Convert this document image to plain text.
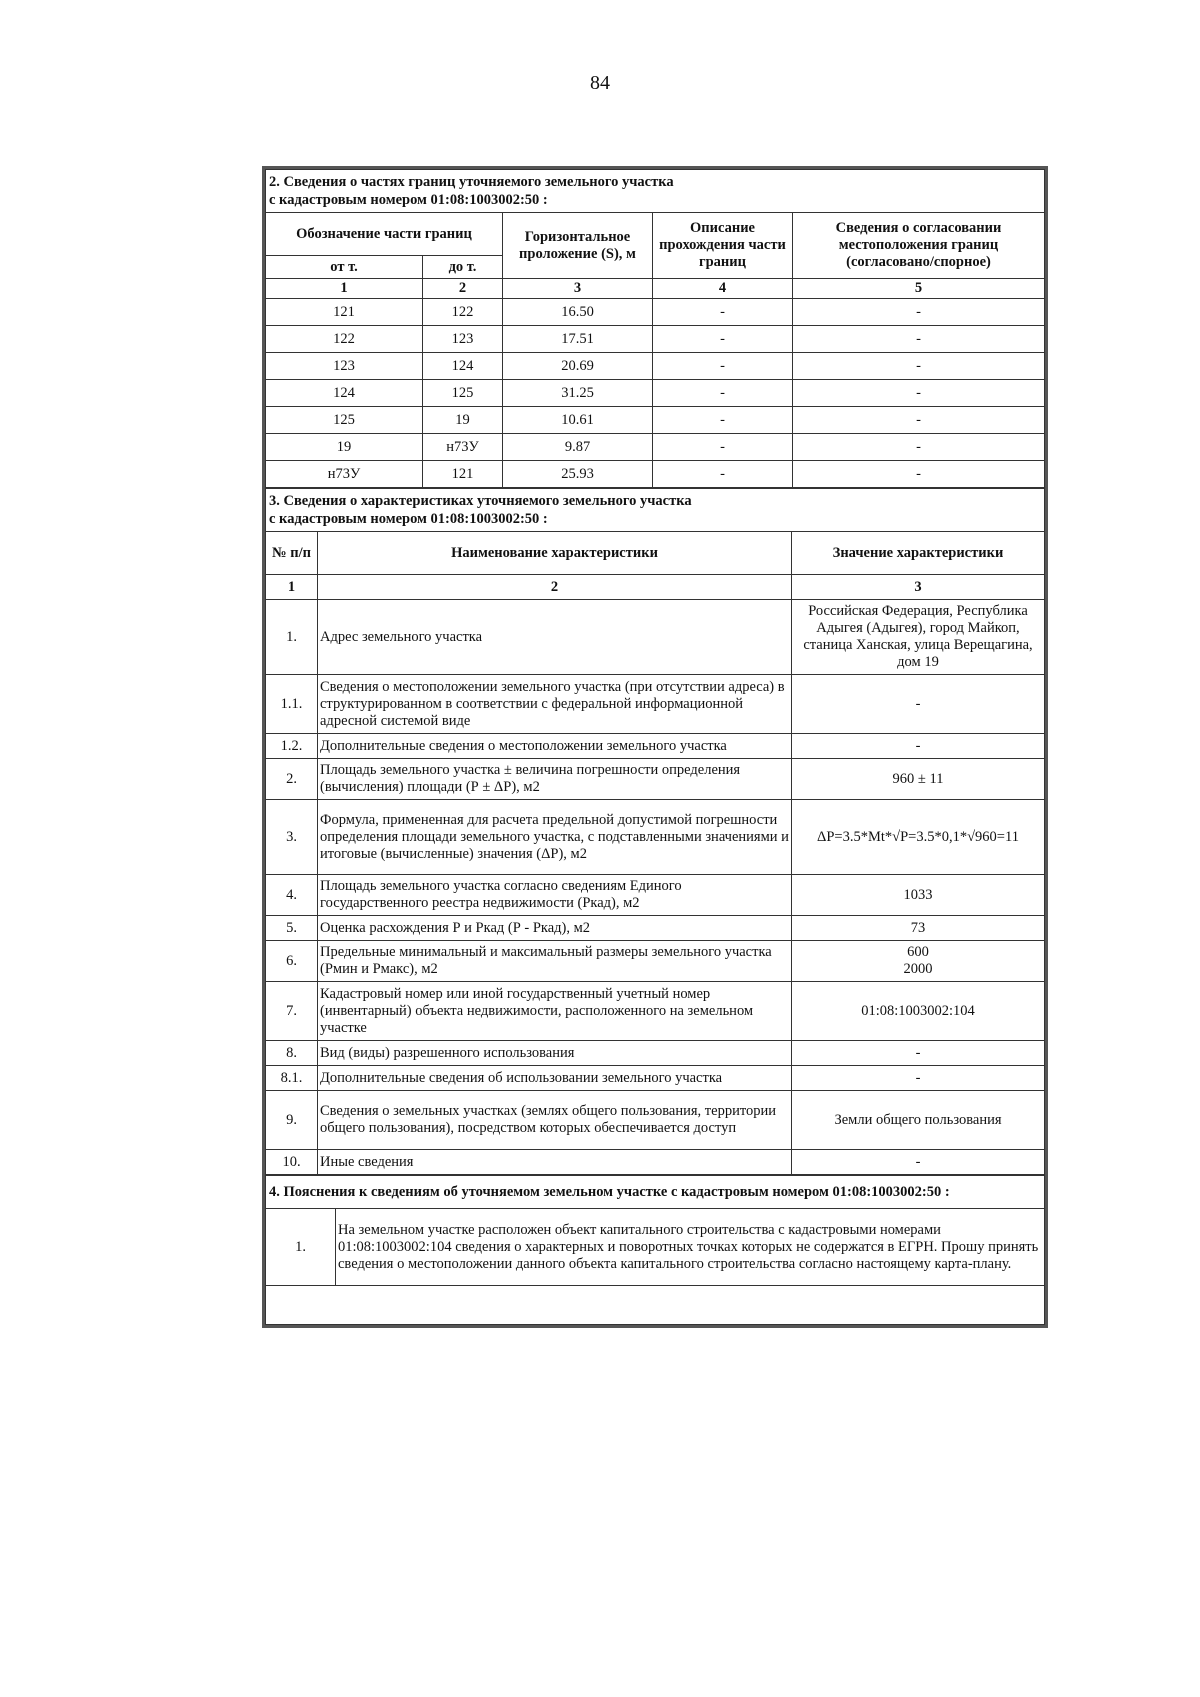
84
2. Сведения о частях границ уточняемого земельного участка
с кадастровым номером 01:08:1003002:50 :				
Обозначение части границ		Горизонтальное проложение (S), м	Описание прохождения части границ	Сведения о согласовании местоположения границ (согласовано/спорное)
от т.	до т.			
1	2	3	4	5
121	122	16.50	-	-
122	123	17.51	-	-
123	124	20.69	-	-
124	125	31.25	-	-
125	19	10.61	-	-
19	н73У	9.87	-	-
н73У	121	25.93	-	-
3. Сведения о характеристиках уточняемого земельного участка
с кадастровым номером 01:08:1003002:50 :		
№ п/п	Наименование характеристики	Значение характеристики
1	2	3
1.	Адрес земельного участка	Российская Федерация, Республика Адыгея (Адыгея), город Майкоп, станица Ханская, улица Верещагина, дом 19
1.1.	Сведения о местоположении земельного участка (при отсутствии адреса) в структурированном в соответствии с федеральной информационной адресной системой виде	-
1.2.	Дополнительные сведения о местоположении земельного участка	-
2.	Площадь земельного участка ± величина погрешности определения (вычисления) площади (Р ± ΔР), м2	960 ± 11
3.	Формула, примененная для расчета предельной допустимой погрешности определения площади земельного участка, с подставленными значениями и итоговые (вычисленные) значения (ΔР), м2	ΔР=3.5*Mt*√P=3.5*0,1*√960=11
4.	Площадь земельного участка согласно сведениям Единого государственного реестра недвижимости (Ркад), м2	1033
5.	Оценка расхождения Р и Ркад (Р - Ркад), м2	73
6.	Предельные минимальный и максимальный размеры земельного участка (Рмин и Рмакс), м2	600
2000
7.	Кадастровый номер или иной государственный учетный номер (инвентарный) объекта недвижимости, расположенного на земельном участке	01:08:1003002:104
8.	Вид (виды) разрешенного использования	-
8.1.	Дополнительные сведения об использовании земельного участка	-
9.	Сведения о земельных участках (землях общего пользования, территории общего пользования), посредством которых обеспечивается доступ	Земли общего пользования
10.	Иные сведения	-
4. Пояснения к сведениям об уточняемом земельном участке с кадастровым номером 01:08:1003002:50 :
1.	На земельном участке расположен объект капитального строительства с кадастровыми номерами 01:08:1003002:104 сведения о характерных и поворотных точках которых не содержатся в ЕГРН. Прошу принять сведения о местоположении данного объекта капитального строительства согласно настоящему карта-плану.
